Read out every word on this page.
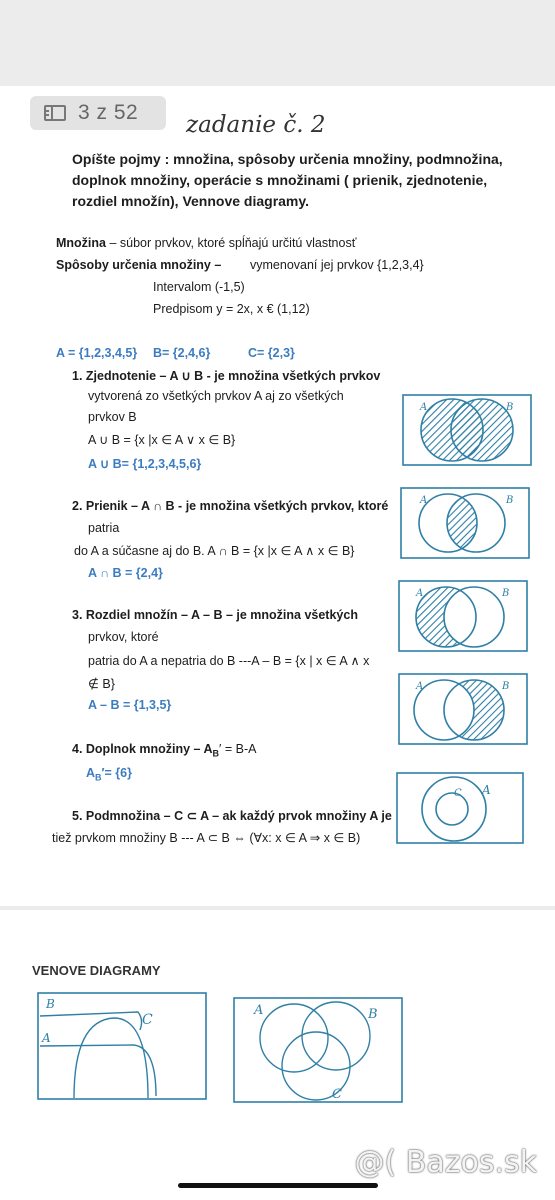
3 z 52 zadanie č. 2
Opíšte pojmy : množina, spôsoby určenia množiny, podmnožina,
doplnok množiny, operácie s množinami ( prienik, zjednotenie,
rozdiel množín), Vennove diagramy.
Množina – súbor prvkov, ktoré spĺňajú určitú vlastnosť
Spôsoby určenia množiny – vymenovaní jej prvkov {1,2,3,4}
Intervalom (-1,5)
Predpisom y = 2x, x € (1,12)
A = {1,2,3,4,5} B= {2,4,6}	C= {2,3}
1. Zjednotenie – A ∪ B - je množina všetkých prvkov
vytvorená zo všetkých prvkov A aj zo všetkých
prvkov B
A ∪ B = {x |x ∈ A ∨ x ∈ B}
A ∪ B= {1,2,3,4,5,6}
2. Prienik – A ∩ B - je množina všetkých prvkov, ktoré
patria
do A a súčasne aj do B. A ∩ B = {x |x ∈ A ∧ x ∈ B}
A ∩ B = {2,4}
3. Rozdiel množín – A – B – je množina všetkých
prvkov, ktoré
patria do A a nepatria do B ---A – B = {x | x ∈ A ∧ x
∉ B}
A – B = {1,3,5}
4. Doplnok množiny – $A_B' = B-A$
$A_B'= \{6\}$
5. Podmnožina – C ⊂ A – ak každý prvok množiny A je
tiež prvkom množiny B --- A ⊂ B ⇔ (∀x: x ∈ A ⇒ x ∈ B)
A	B
A	B
A	B
A	B
C A
VENOVE DIAGRAMY
B
A
C
A	B
C
@( Bazos.sk
